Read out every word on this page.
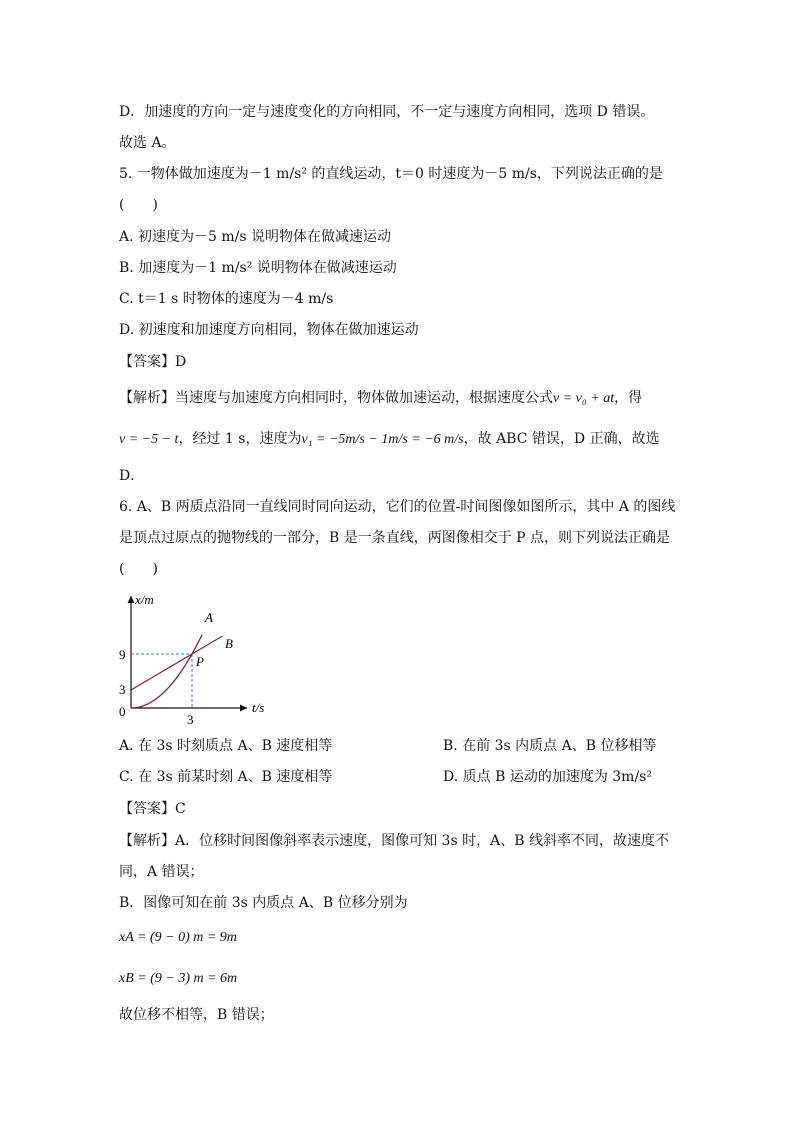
D．加速度的方向一定与速度变化的方向相同，不一定与速度方向相同，选项 D 错误。
故选 A。
5. 一物体做加速度为－1 m/s² 的直线运动，t＝0 时速度为－5 m/s，下列说法正确的是
(　　)
A. 初速度为－5 m/s 说明物体在做减速运动
B. 加速度为－1 m/s² 说明物体在做减速运动
C. t＝1 s 时物体的速度为－4 m/s
D. 初速度和加速度方向相同，物体在做加速运动
【答案】D
【解析】当速度与加速度方向相同时，物体做加速运动，根据速度公式v = v₀ + at，得
v = −5 − t，经过 1 s，速度为v₁ = −5m/s − 1m/s = −6 m/s，故 ABC 错误，D 正确，故选
D．
6. A、B 两质点沿同一直线同时同向运动，它们的位置-时间图像如图所示，其中 A 的图线
是顶点过原点的抛物线的一部分，B 是一条直线，两图像相交于 P 点，则下列说法正确是
(　　)
x/m
t/s
0
9
3
3
A
B
P
A. 在 3s 时刻质点 A、B 速度相等	B. 在前 3s 内质点 A、B 位移相等
C. 在 3s 前某时刻 A、B 速度相等	D. 质点 B 运动的加速度为 3m/s²
【答案】C
【解析】A．位移时间图像斜率表示速度，图像可知 3s 时，A、B 线斜率不同，故速度不
同，A 错误；
B．图像可知在前 3s 内质点 A、B 位移分别为
xA = (9 − 0) m = 9m
xB = (9 − 3) m = 6m
故位移不相等，B 错误；
